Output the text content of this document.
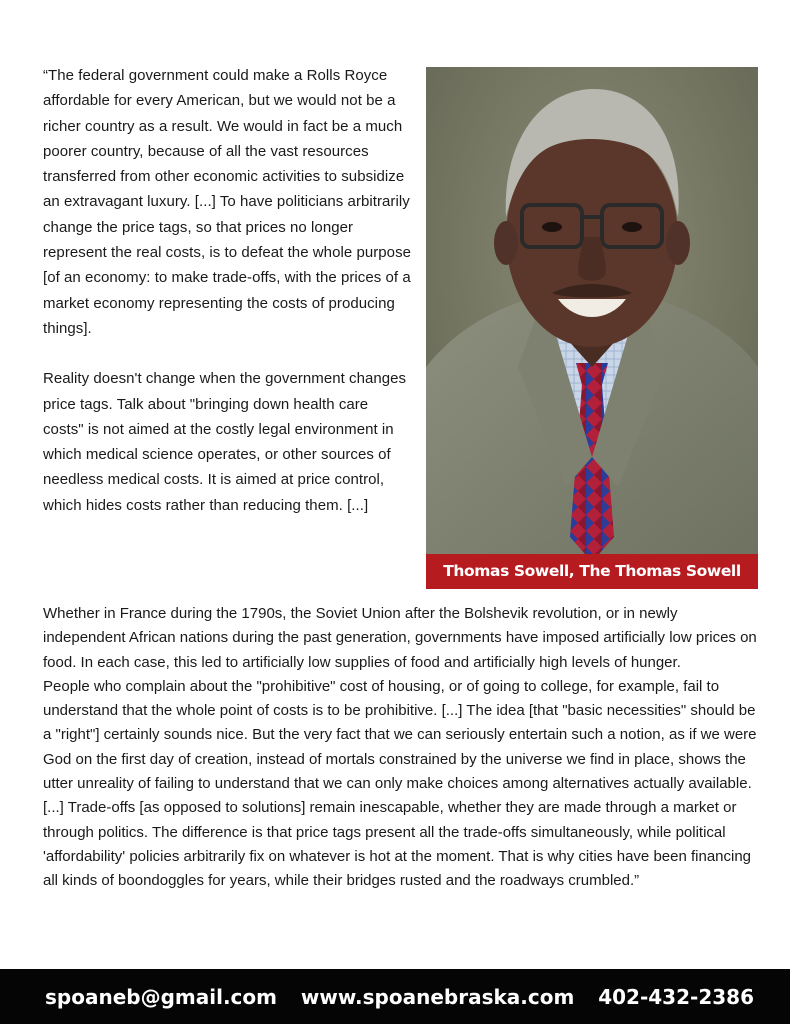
“The federal government could make a Rolls Royce affordable for every American, but we would not be a richer country as a result. We would in fact be a much poorer country, because of all the vast resources transferred from other economic activities to subsidize an extravagant luxury. [...] To have politicians arbitrarily change the price tags, so that prices no longer represent the real costs, is to defeat the whole purpose [of an economy: to make trade-offs, with the prices of a market economy representing the costs of producing things].

Reality doesn't change when the government changes price tags. Talk about "bringing down health care costs" is not aimed at the costly legal environment in which medical science operates, or other sources of needless medical costs. It is aimed at price control, which hides costs rather than reducing them. [...]

Thomas Sowell, The Thomas Sowell

Whether in France during the 1790s, the Soviet Union after the Bolshevik revolution, or in newly independent African nations during the past generation, governments have imposed artificially low prices on food. In each case, this led to artificially low supplies of food and artificially high levels of hunger.

People who complain about the "prohibitive" cost of housing, or of going to college, for example, fail to understand that the whole point of costs is to be prohibitive. [...] The idea [that "basic necessities" should be a "right"] certainly sounds nice. But the very fact that we can seriously entertain such a notion, as if we were God on the first day of creation, instead of mortals constrained by the universe we find in place, shows the utter unreality of failing to understand that we can only make choices among alternatives actually available.

[...] Trade-offs [as opposed to solutions] remain inescapable, whether they are made through a market or through politics. The difference is that price tags present all the trade-offs simultaneously, while political 'affordability' policies arbitrarily fix on whatever is hot at the moment. That is why cities have been financing all kinds of boondoggles for years, while their bridges rusted and the roadways crumbled.”

spoaneb@gmail.com www.spoanebraska.com 402-432-2386
